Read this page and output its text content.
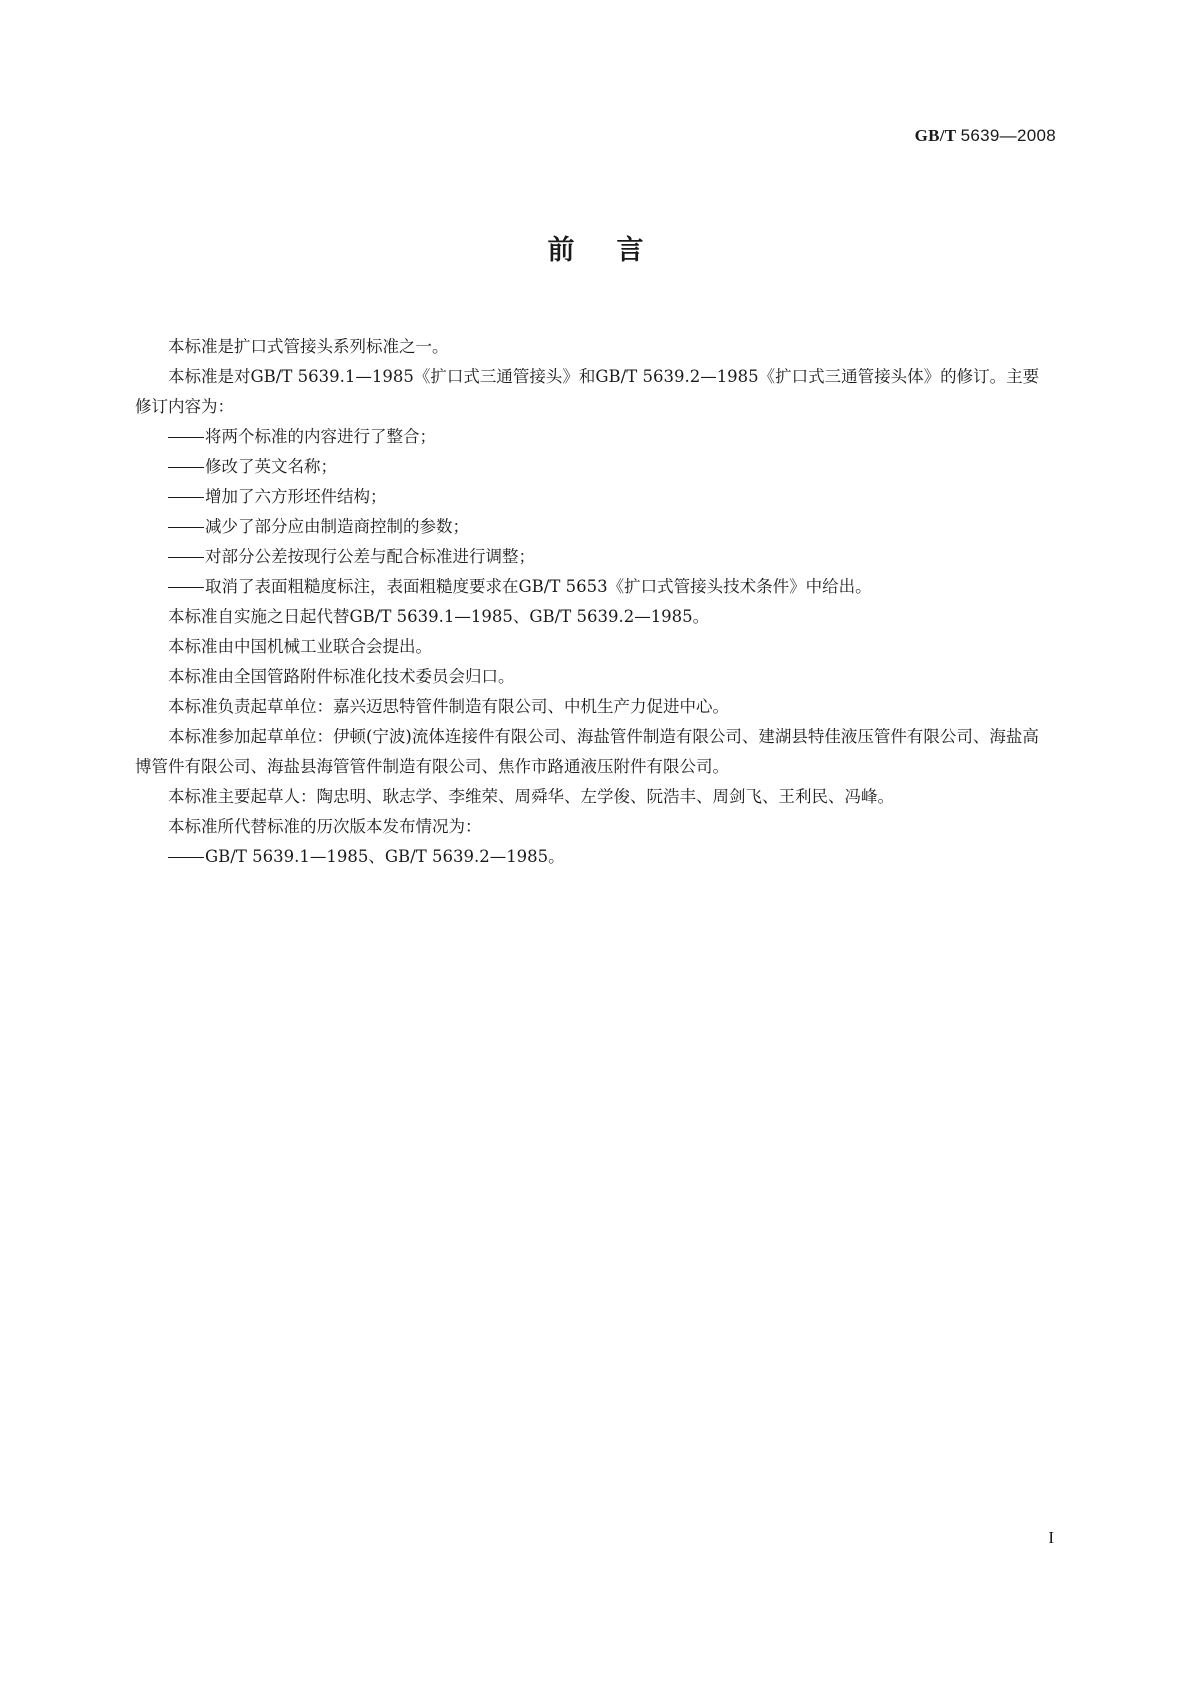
GB/T 5639—2008
前言

本标准是扩口式管接头系列标准之一。

本标准是对GB/T 5639.1—1985《扩口式三通管接头》和GB/T 5639.2—1985《扩口式三通管接头体》的修订。主要修订内容为：

将两个标准的内容进行了整合；

修改了英文名称；

增加了六方形坯件结构；

减少了部分应由制造商控制的参数；

对部分公差按现行公差与配合标准进行调整；

取消了表面粗糙度标注，表面粗糙度要求在GB/T 5653《扩口式管接头技术条件》中给出。

本标准自实施之日起代替GB/T 5639.1—1985、GB/T 5639.2—1985。

本标准由中国机械工业联合会提出。

本标准由全国管路附件标准化技术委员会归口。

本标准负责起草单位：嘉兴迈思特管件制造有限公司、中机生产力促进中心。

本标准参加起草单位：伊顿(宁波)流体连接件有限公司、海盐管件制造有限公司、建湖县特佳液压管件有限公司、海盐高博管件有限公司、海盐县海管管件制造有限公司、焦作市路通液压附件有限公司。

本标准主要起草人：陶忠明、耿志学、李维荣、周舜华、左学俊、阮浩丰、周剑飞、王利民、冯峰。

本标准所代替标准的历次版本发布情况为：

GB/T 5639.1—1985、GB/T 5639.2—1985。

I
